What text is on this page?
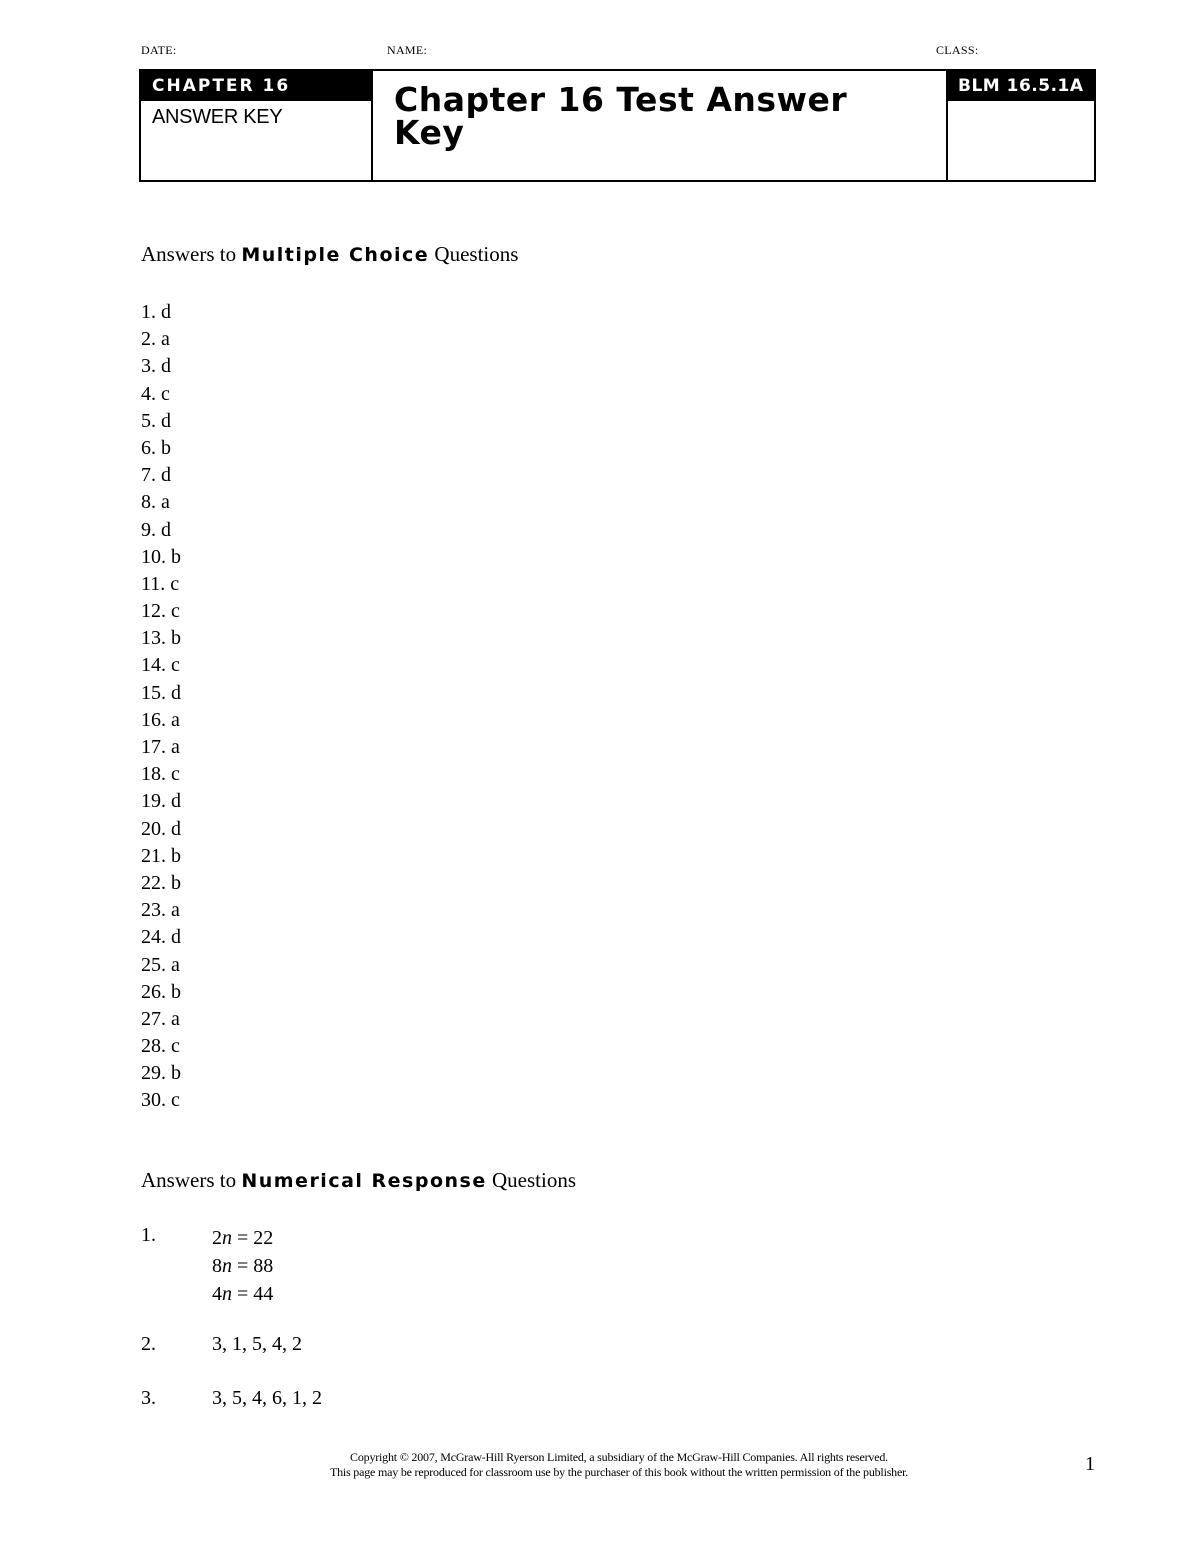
DATE:	NAME:	CLASS:
CHAPTER 16
ANSWER KEY	Chapter 16 Test Answer Key
BLM 16.5.1A
Answers to Multiple Choice Questions
1. d
2. a
3. d
4. c
5. d
6. b
7. d
8. a
9. d
10. b
11. c
12. c
13. b
14. c
15. d
16. a
17. a
18. c
19. d
20. d
21. b
22. b
23. a
24. d
25. a
26. b
27. a
28. c
29. b
30. c
Answers to Numerical Response Questions
1.	2n = 22
8n = 88
4n = 44
2.	3, 1, 5, 4, 2
3.	3, 5, 4, 6, 1, 2
Copyright © 2007, McGraw-Hill Ryerson Limited, a subsidiary of the McGraw-Hill Companies. All rights reserved.
This page may be reproduced for classroom use by the purchaser of this book without the written permission of the publisher.	1
